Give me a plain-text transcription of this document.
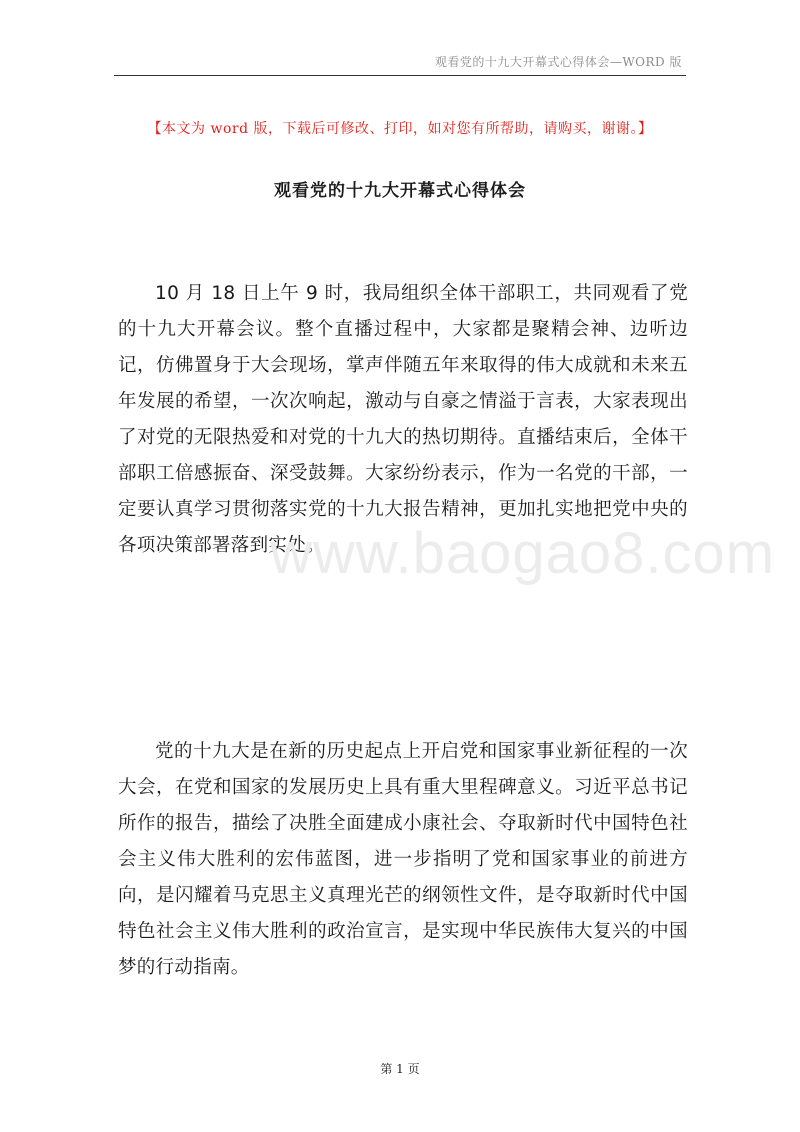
观看党的十九大开幕式心得体会—WORD 版
【本文为 word 版，下载后可修改、打印，如对您有所帮助，请购买，谢谢。】
观看党的十九大开幕式心得体会

10 月 18 日上午 9 时，我局组织全体干部职工，共同观看了党的十九大开幕会议。整个直播过程中，大家都是聚精会神、边听边记，仿佛置身于大会现场，掌声伴随五年来取得的伟大成就和未来五年发展的希望，一次次响起，激动与自豪之情溢于言表，大家表现出了对党的无限热爱和对党的十九大的热切期待。直播结束后，全体干部职工倍感振奋、深受鼓舞。大家纷纷表示，作为一名党的干部，一定要认真学习贯彻落实党的十九大报告精神，更加扎实地把党中央的各项决策部署落到实处。

www.baogao8.com

党的十九大是在新的历史起点上开启党和国家事业新征程的一次大会，在党和国家的发展历史上具有重大里程碑意义。习近平总书记所作的报告，描绘了决胜全面建成小康社会、夺取新时代中国特色社会主义伟大胜利的宏伟蓝图，进一步指明了党和国家事业的前进方向，是闪耀着马克思主义真理光芒的纲领性文件，是夺取新时代中国特色社会主义伟大胜利的政治宣言，是实现中华民族伟大复兴的中国梦的行动指南。

第 1 页
